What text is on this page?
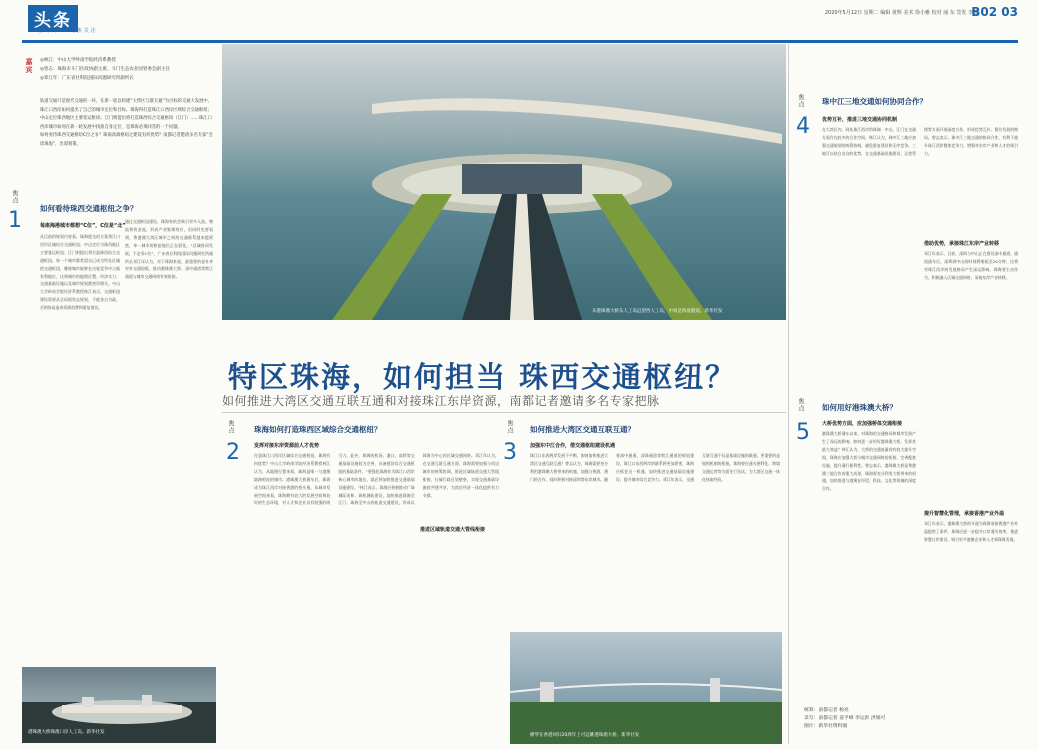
头条
看珠海 · 聚焦关注
2020年5月12日 星期二 编辑 黄辉 美术 徐小雅 校对 丽 东 签发 李锦
B02 03
嘉宾 ◎林江：中山大学岭南学院经济系教授
◎曾志：珠海市斗门区政协副主席，斗门生态农业园管委会副主任
◎邓江年：广东省社科院国际问题研究所副所长

轨道交通只是现代交通的一环，在新一轮以构建“大湾区互联互通”为目标的交通大发展中，珠江口西岸如何提出了自己的城市定位和目标。珠海得打造珠江口西岸区域综合交通枢纽；中山定位珠西地区主要客运枢纽；江门则提出将打造珠西综合交通枢纽（江门）……珠江口西岸城市如何在新一轮发展中找准自身定位，是珠海必须回答的一个问题。

如何看待珠西交通枢纽C位之争？珠海高端枢纽之建设有何优势？南都记者邀请多名专家“会诊珠海”，出谋划策。

焦点
1 如何看待珠西交通枢纽之争？
每座海港城市都想“C位”，C位是“北”
从目前的规划内容看，珠海提交的方案将江口西岸区域综合交通枢纽；中山定位为珠西地区主要客运枢纽；江门则提出将打造珠西综合交通枢纽。每一个城市都希望自己成为所在区域的交通枢纽，哪座城市能够在这轮竞争中占据有利地位，这和城市的地理位置、经济实力、交通基础设施以及城市规划都密切相关。中山大学岭南学院经济系教授林江表示，交通枢纽建设需要从全局视角去规划，不能各自为政，否则容易造成资源浪费和重复建设。
通过交通枢纽建设，珠海有机会吸引更多人流、物流和资金流，形成产业集聚效应。但同时也要看到，粤港澳大湾区城市之间的交通联系越来越紧密，单一城市的枢纽地位正在弱化。“区域协同发展，不必争C位”。广东省社科院国际问题研究所副所长邓江年认为，对于珠海来说，最重要的是补齐对外交通短板，推动港珠澳大桥、深中通道等跨江通道与城市交通网络有效衔接。
港珠澳大桥珠澳口岸人工岛。新华社发
从港珠澳大桥东人工岛远望西人工岛，中间是海底隧道。新华社发
特区珠海，如何担当 珠西交通枢纽？
如何推进大湾区交通互联互通和对接珠江东岸资源，南都记者邀请多名专家把脉
焦点
2
珠海如何打造珠西区域综合交通枢纽？
发挥对接东岸资源前人才优势
打造珠江口西岸区域综合交通枢纽，珠海有何优势？中山大学岭南学院经济系教授林江认为，从地理位置来看，珠海是唯一与港澳陆路相连的城市。港珠澳大桥通车后，珠海成为珠江西岸对接香港的桥头堡。从城市发展空间来看，珠海拥有较大的发展空间和较好的生态环境，对人才和企业具有较强的吸引力。此外，珠海的机场、港口、高铁等交通基础设施较为完善，具备建设综合交通枢纽的基础条件。“要强化珠海作为珠江口西岸核心城市的地位，就必须加快推进交通基础设施建设。”林江表示，珠海应积极推动广珠城际延伸、珠机城轨建设，加快推进珠海至江门、珠海至中山的轨道交通建设，形成以珠海为中心的区域交通网络。邓江年认为，在交通互联互通方面，珠海需要加强与周边城市的统筹协调，推进区域轨道交通大管线衔接，打破行政区划壁垒，实现交通基础设施的共建共享，为湾区经济一体化提供有力支撑。
推进区域轨道交通大管线衔接
焦点
3
如何推进大湾区交通互联互通？
加强东中江合作，借交通枢纽建设机遇
珠江口东西两岸发展不平衡，如何加快推进大湾区交通互联互通？曾志认为，珠海需要充分利用港珠澳大桥带来的机遇，加强与香港、澳门的合作，同时积极对接深圳等东岸城市。随着深中通道、深珠通道等跨江通道的规划建设，珠江口东西两岸的联系将更加紧密，珠海应抓住这一机遇，加快推进交通基础设施建设，提升城市综合竞争力。邓江年表示，交通互联互通不仅是基础设施的联通，更重要的是规则机制的衔接。珠海要在通关便利化、跨境交通运营等方面先行先试，为大湾区交通一体化探索经验。
横琴在香港回归20周年上可远眺港珠澳大桥。新华社发
焦点
4
珠中江三地交通如何协同合作？
优势互补，推进三地交通协同机制
在大湾区内，同处珠江西岸的珠海、中山、江门在交通方面存在较多的合作空间。林江认为，珠中江三地应加强交通规划的统筹协调，避免重复建设和无序竞争。三地可以结合各自的优势，在交通基础设施建设、运营管理等方面开展深度合作，形成优势互补、错位发展的格局。曾志表示，珠中江三地交通的协同合作，有利于提升珠江西岸整体竞争力，增强对东岸产业和人才的吸引力。
借助优势，承接珠江东岸产业转移
邓江年表示，目前，深圳与中山正在建设深中通道，通道通车后，深圳到中山的时间将缩短至20分钟，这将对珠江西岸的发展格局产生深远影响。珠海要主动作为，积极融入区域交通网络，承接东岸产业转移。
焦点
5
如何用好港珠澳大桥？
大桥优势方面，应加强桥体交通衔接
港珠澳大桥通车以来，对珠海的交通格局和城市发展产生了深远的影响。如何进一步用好港珠澳大桥，发挥其最大效益？林江认为，大桥的交通流量尚有较大提升空间，珠海应加强大桥与城市交通网络的衔接，完善配套设施，提升通行便利性。曾志表示，港珠澳大桥是粤港澳三地合作的重大成果，珠海要充分利用大桥带来的机遇，加快推进与港澳在经贸、科技、文化等领域的深度合作。
提升智慧化管理，承接香港产业外溢
邓江年表示，港珠澳大桥的开通为珠海承接香港产业外溢提供了条件，珠海应进一步提升口岸通关效率，推进智慧口岸建设，吸引更多港澳企业和人才到珠海发展。
统筹：南都记者 杨亮
采写：南都记者 姜平峰 李运彭 洪娟可
图片：新华社资料图
